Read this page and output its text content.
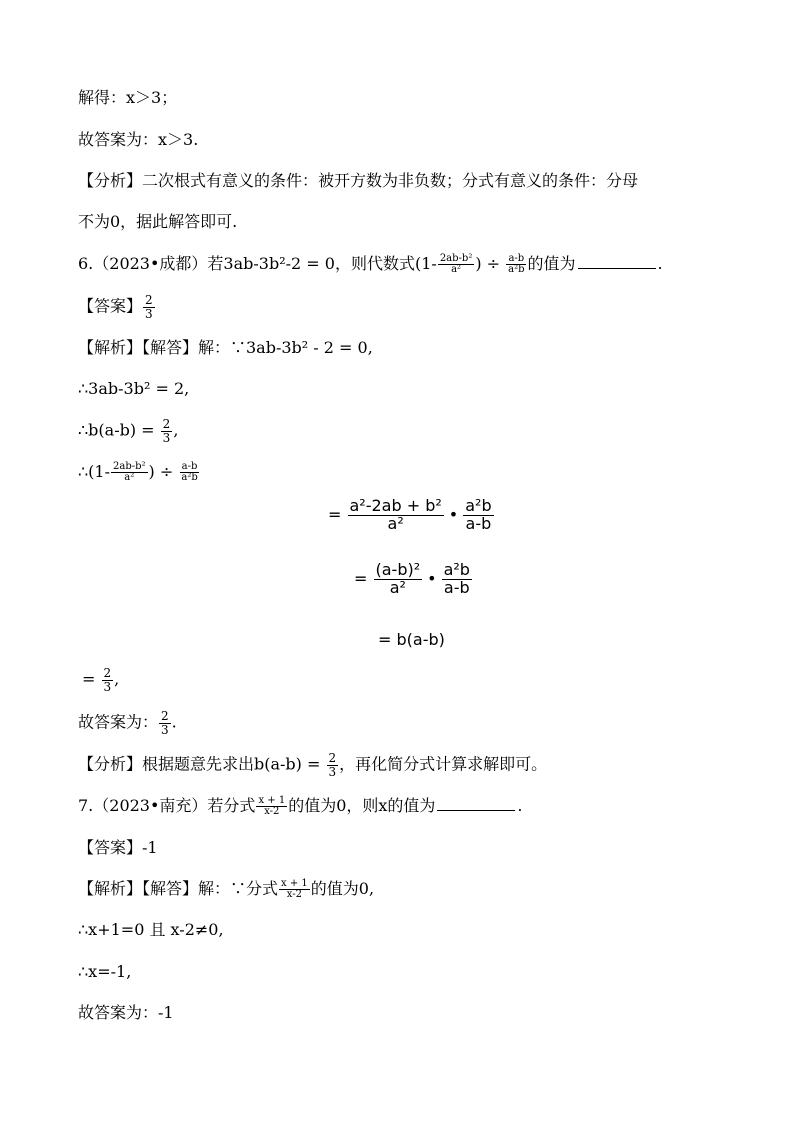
解得：x＞3；
故答案为：x＞3.
【分析】二次根式有意义的条件：被开方数为非负数；分式有意义的条件：分母
不为0，据此解答即可.
6.（2023•成都）若3ab-3b²-2 = 0，则代数式($1- \frac{\text{2ab-b²}}{\text{a²}}$ ) ÷ $\frac{a-b}{\text{a²b}}$ 的值为	.
【答案】 $\frac{2}{3}$
【解析】【解答】解：∵3ab-3b² - 2 = 0,
∴3ab-3b² = 2,
∴b(a-b) = $\frac{2}{3}$ ,
∴(1- $\frac{\text{2ab-b²}}{\text{a²}}$ ) ÷ $\frac{a-b}{\text{a²b}}$
= $\frac{\text{a²-2ab + b²}}{\text{a²}}$ • $\frac{\text{a²b}}{a-b}$
= $\frac{\text{(a-b)²}}{\text{a²}}$ • $\frac{\text{a²b}}{a-b}$
= b(a-b)
= $\frac{2}{3}$ ,
故答案为： $\frac{2}{3}$ .
【分析】根据题意先求出$b(a-b) = \frac{2}{3}$ ，再化简分式计算求解即可。
7.（2023•南充）若分式 $\frac{x + 1}{x-2}$ 的值为0，则x的值为	.
【答案】-1
【解析】【解答】解：∵分式 $\frac{x + 1}{x-2}$ 的值为0,
∴x+1=0 且 x-2≠0,
∴x=-1,
故答案为：-1
